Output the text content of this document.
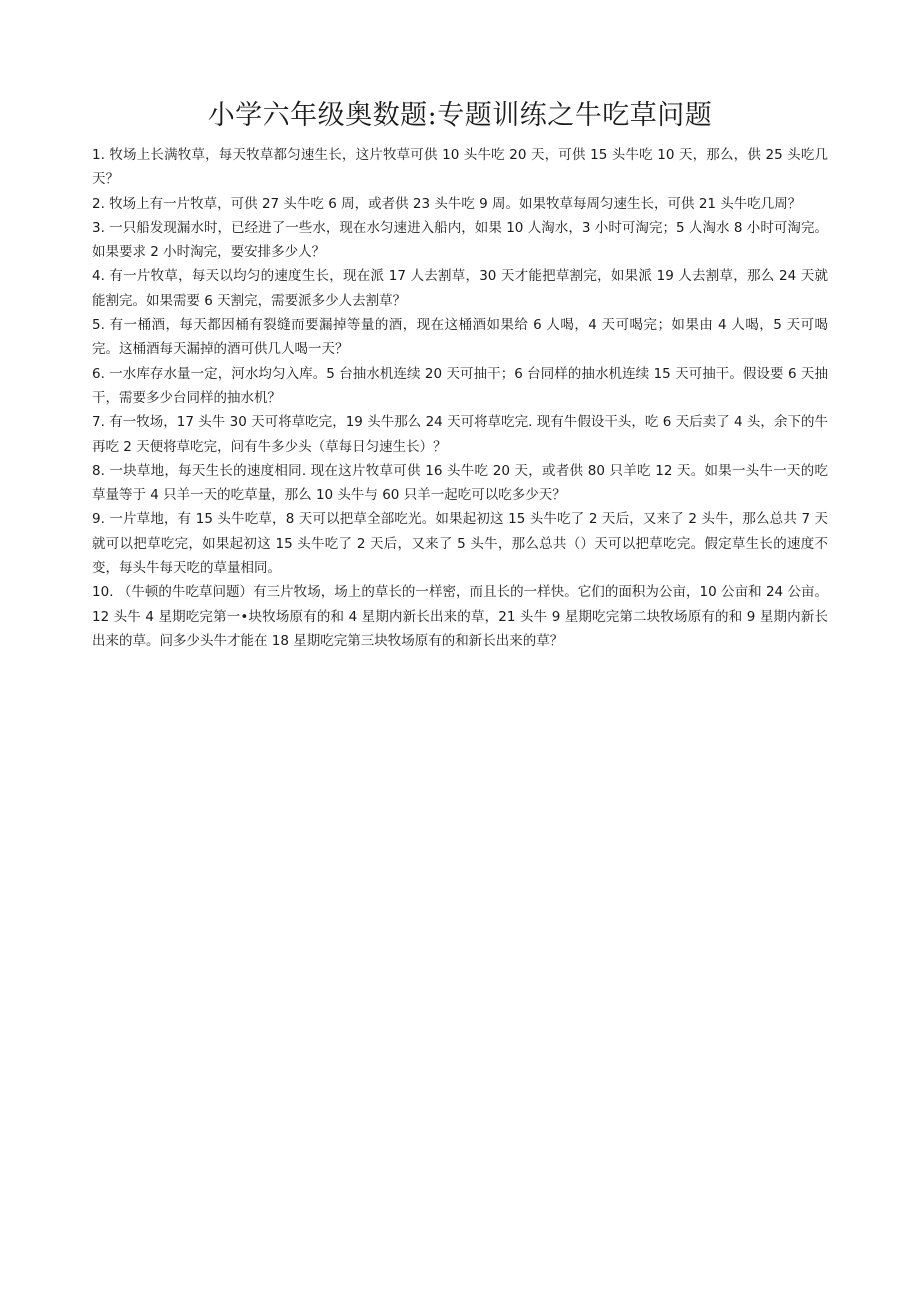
小学六年级奥数题:专题训练之牛吃草问题
1. 牧场上长满牧草，每天牧草都匀速生长，这片牧草可供 10 头牛吃 20 天，可供 15 头牛吃 10 天，那么，供 25 头吃几天？
2. 牧场上有一片牧草，可供 27 头牛吃 6 周，或者供 23 头牛吃 9 周。如果牧草每周匀速生长，可供 21 头牛吃几周？
3. 一只船发现漏水时，已经进了一些水，现在水匀速进入船内，如果 10 人淘水，3 小时可淘完；5 人淘水 8 小时可淘完。如果要求 2 小时淘完，要安排多少人？
4. 有一片牧草，每天以均匀的速度生长，现在派 17 人去割草，30 天才能把草割完，如果派 19 人去割草，那么 24 天就能割完。如果需要 6 天割完，需要派多少人去割草？
5. 有一桶酒，每天都因桶有裂缝而要漏掉等量的酒，现在这桶酒如果给 6 人喝，4 天可喝完；如果由 4 人喝，5 天可喝完。这桶酒每天漏掉的酒可供几人喝一天？
6. 一水库存水量一定，河水均匀入库。5 台抽水机连续 20 天可抽干；6 台同样的抽水机连续 15 天可抽干。假设要 6 天抽干，需要多少台同样的抽水机？
7. 有一牧场，17 头牛 30 天可将草吃完，19 头牛那么 24 天可将草吃完. 现有牛假设干头，吃 6 天后卖了 4 头，余下的牛再吃 2 天便将草吃完，问有牛多少头（草每日匀速生长）？
8. 一块草地，每天生长的速度相同. 现在这片牧草可供 16 头牛吃 20 天，或者供 80 只羊吃 12 天。如果一头牛一天的吃草量等于 4 只羊一天的吃草量，那么 10 头牛与 60 只羊一起吃可以吃多少天？
9. 一片草地，有 15 头牛吃草，8 天可以把草全部吃光。如果起初这 15 头牛吃了 2 天后，又来了 2 头牛，那么总共 7 天就可以把草吃完，如果起初这 15 头牛吃了 2 天后，又来了 5 头牛，那么总共（）天可以把草吃完。假定草生长的速度不变，每头牛每天吃的草量相同。
10. （牛顿的牛吃草问题）有三片牧场，场上的草长的一样密，而且长的一样快。它们的面积为公亩，10 公亩和 24 公亩。12 头牛 4 星期吃完第一•块牧场原有的和 4 星期内新长出来的草，21 头牛 9 星期吃完第二块牧场原有的和 9 星期内新长出来的草。问多少头牛才能在 18 星期吃完第三块牧场原有的和新长出来的草？
